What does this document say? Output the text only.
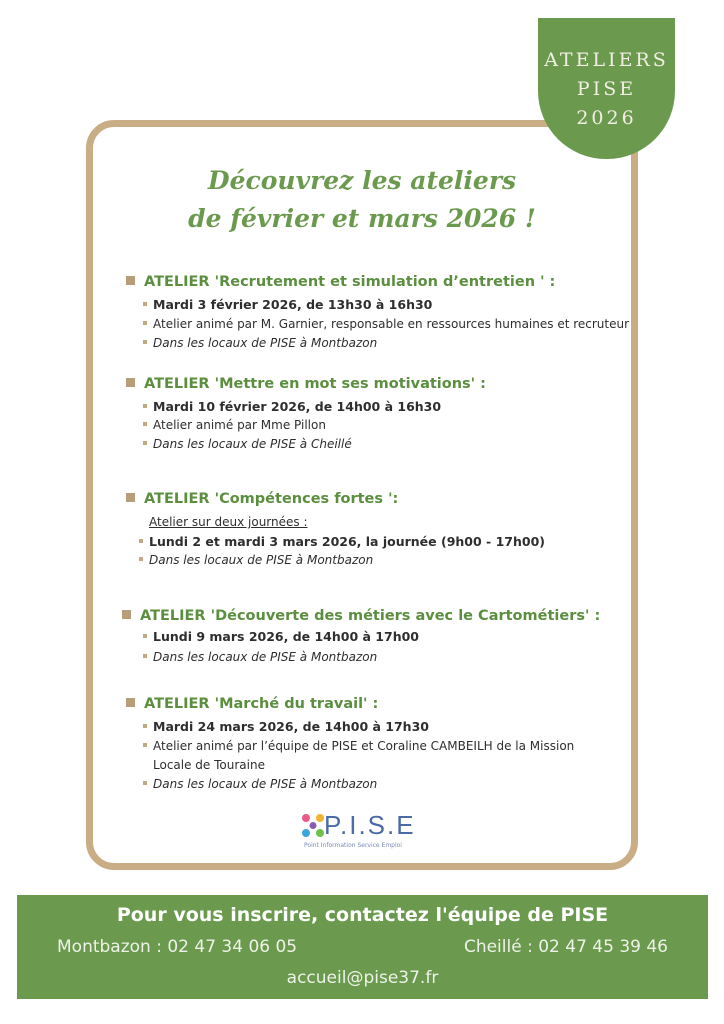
ATELIERS
PISE
2026
Découvrez les ateliers
de février et mars 2026 !
ATELIER 'Recrutement et simulation d’entretien ' :
Mardi 3 février 2026, de 13h30 à 16h30
Atelier animé par M. Garnier, responsable en ressources humaines et recruteur
Dans les locaux de PISE à Montbazon
ATELIER 'Mettre en mot ses motivations' :
Mardi 10 février 2026, de 14h00 à 16h30
Atelier animé par Mme Pillon
Dans les locaux de PISE à Cheillé
ATELIER 'Compétences fortes ':
Atelier sur deux journées :
Lundi 2 et mardi 3 mars 2026, la journée (9h00 - 17h00)
Dans les locaux de PISE à Montbazon
ATELIER 'Découverte des métiers avec le Cartométiers' :
Lundi 9 mars 2026, de 14h00 à 17h00
Dans les locaux de PISE à Montbazon
ATELIER 'Marché du travail' :
Mardi 24 mars 2026, de 14h00 à 17h30
Atelier animé par l’équipe de PISE et Coraline CAMBEILH de la Mission
Locale de Touraine
Dans les locaux de PISE à Montbazon
P.I.S.E
Point Information Service Emploi
Pour vous inscrire, contactez l'équipe de PISE
Montbazon : 02 47 34 06 05	Cheillé : 02 47 45 39 46
accueil@pise37.fr
